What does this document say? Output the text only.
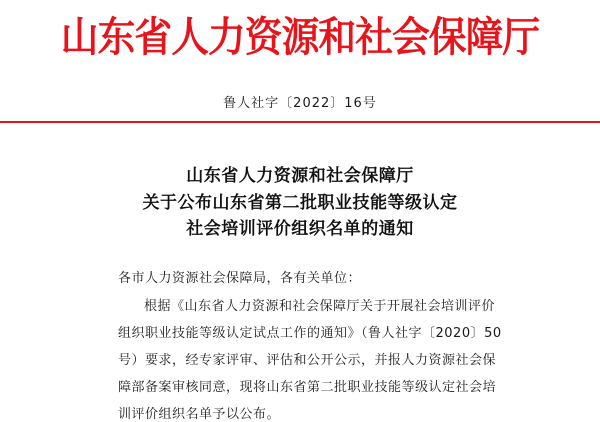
山东省人力资源和社会保障厅
鲁人社字〔2022〕16号
山东省人力资源和社会保障厅
关于公布山东省第二批职业技能等级认定
社会培训评价组织名单的通知
各市人力资源社会保障局，各有关单位：
根据《山东省人力资源和社会保障厅关于开展社会培训评价
组织职业技能等级认定试点工作的通知》（鲁人社字〔2020〕50
号）要求，经专家评审、评估和公开公示，并报人力资源社会保
障部备案审核同意，现将山东省第二批职业技能等级认定社会培
训评价组织名单予以公布。
